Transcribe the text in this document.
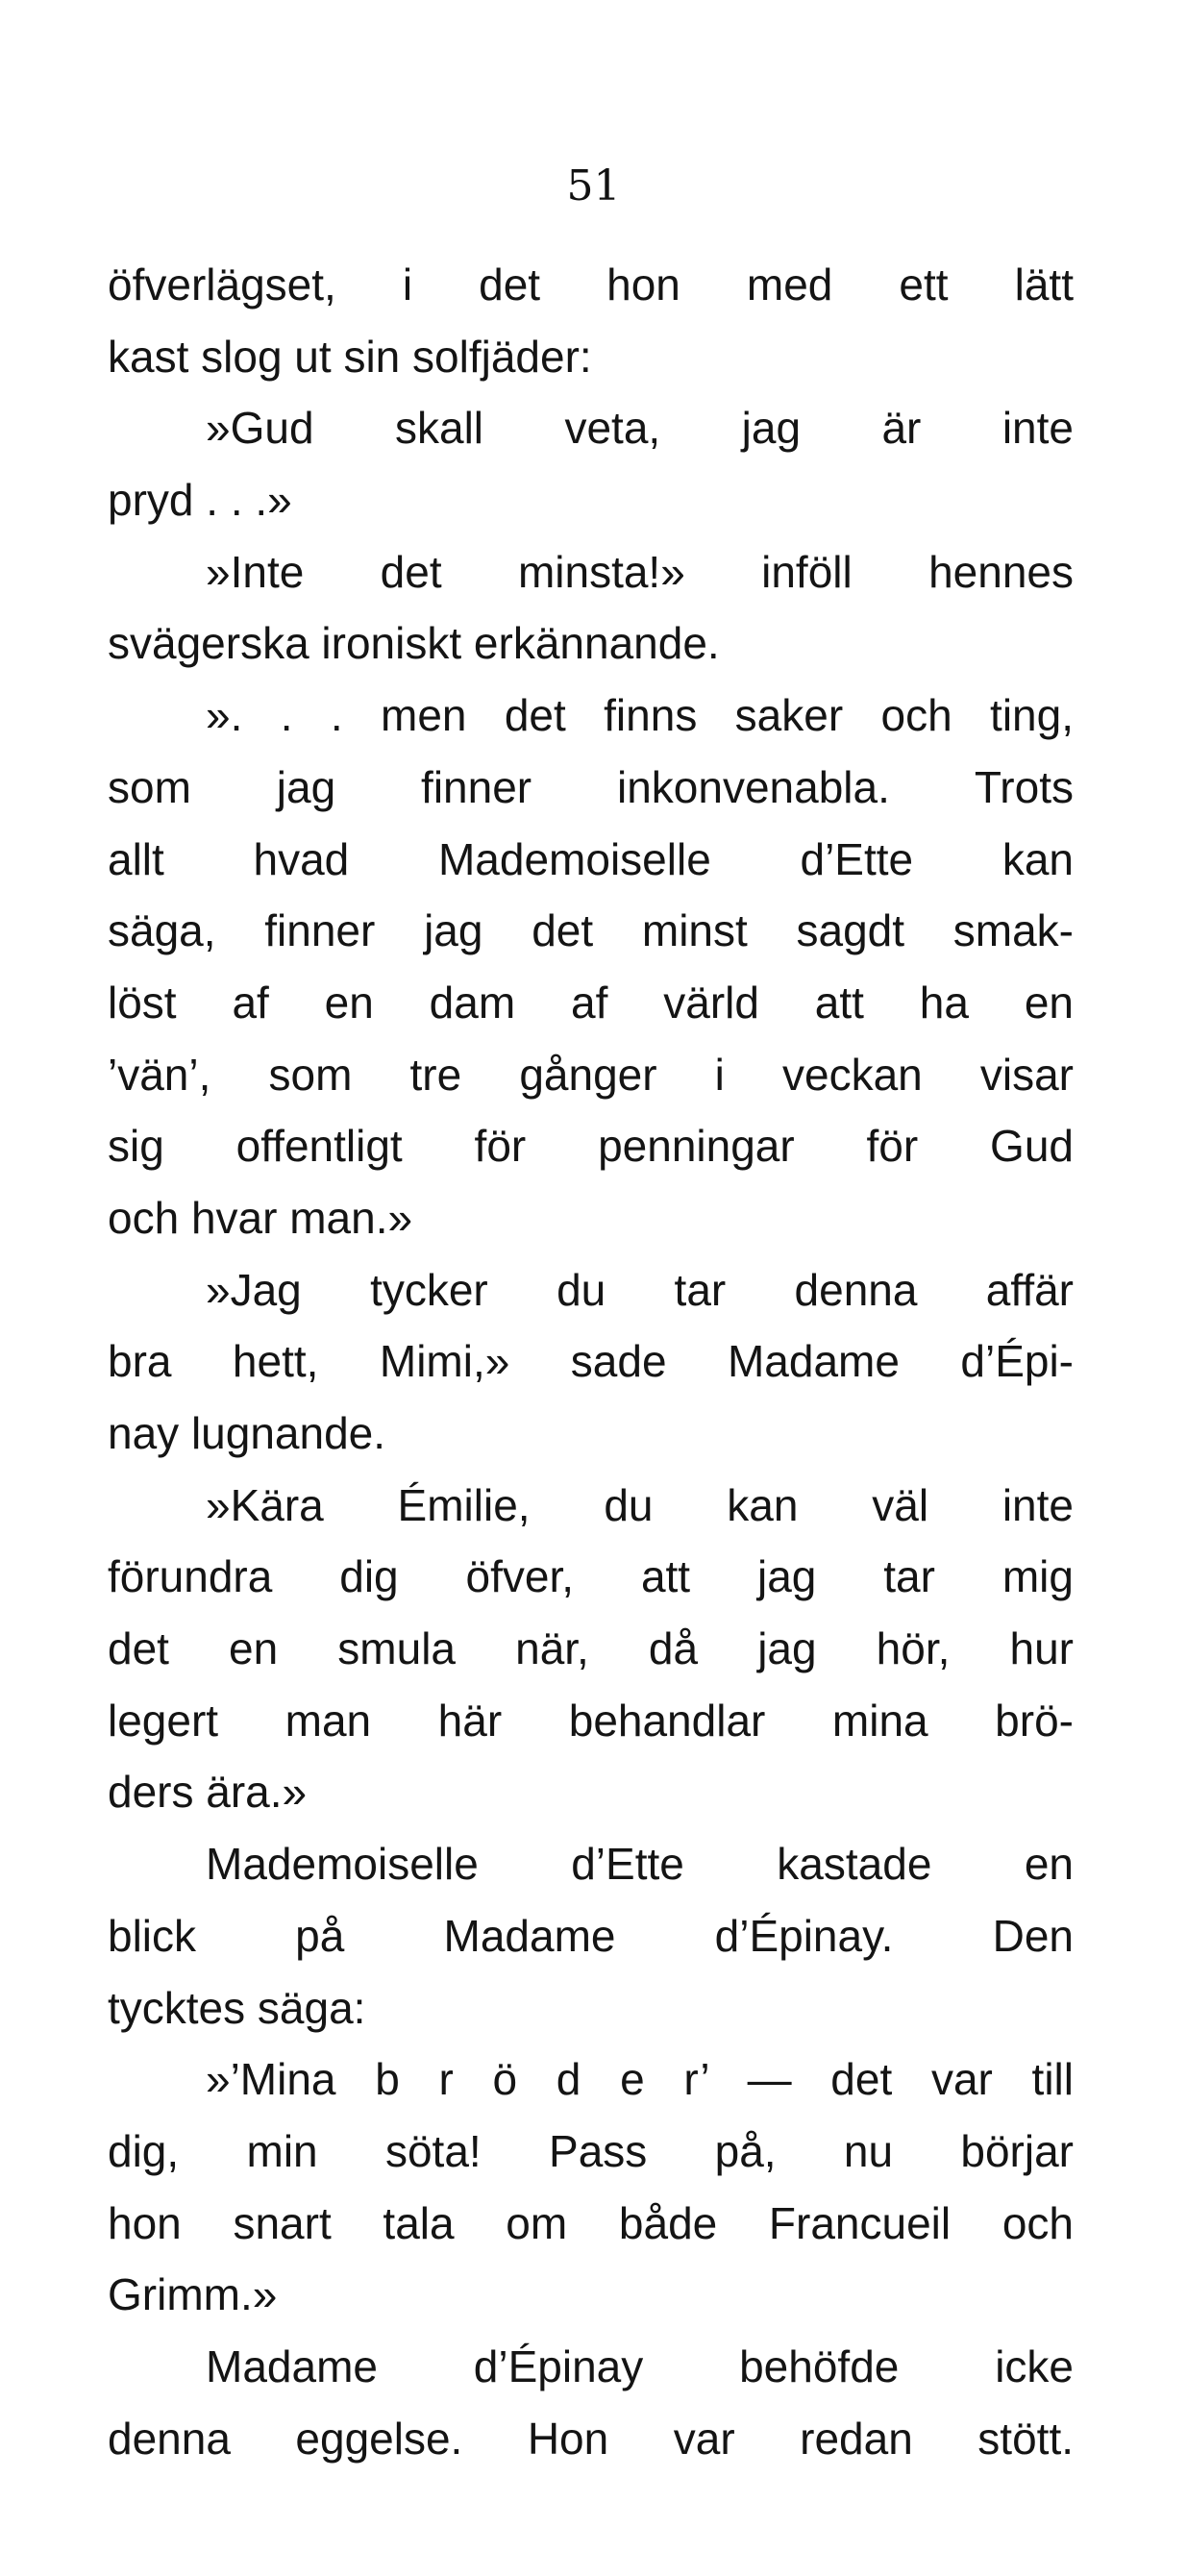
51
öfverlägset, i det hon med ett lätt
kast slog ut sin solfjäder:
»Gud skall veta, jag är inte
pryd . . .»
»Inte det minsta!» inföll hennes
svägerska ironiskt erkännande.
». . . men det finns saker och ting,
som jag finner inkonvenabla. Trots
allt hvad Mademoiselle d’Ette kan
säga, finner jag det minst sagdt smak-
löst af en dam af värld att ha en
’vän’, som tre gånger i veckan visar
sig offentligt för penningar för Gud
och hvar man.»
»Jag tycker du tar denna affär
bra hett, Mimi,» sade Madame d’Épi-
nay lugnande.
»Kära Émilie, du kan väl inte
förundra dig öfver, att jag tar mig
det en smula när, då jag hör, hur
legert man här behandlar mina brö-
ders ära.»
Mademoiselle d’Ette kastade en
blick på Madame d’Épinay. Den
tycktes säga:
»’Mina b r ö d e r’ — det var till
dig, min söta! Pass på, nu börjar
hon snart tala om både Francueil och
Grimm.»
Madame d’Épinay behöfde icke
denna eggelse. Hon var redan stött.
